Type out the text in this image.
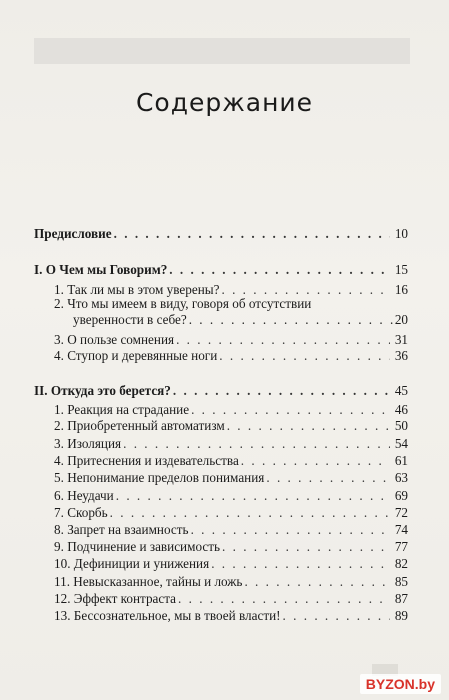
Содержание
Предисловие . . .	10
I. О Чем мы Говорим? . . .	15
1. Так ли мы в этом уверены? . . .	16
2. Что мы имеем в виду, говоря об отсутствии
уверенности в себе? . . .	20
3. О пользе сомнения . . .	31
4. Ступор и деревянные ноги . . .	36
II. Откуда это берется? . . .	45
1. Реакция на страдание . . .	46
2. Приобретенный автоматизм . . .	50
3. Изоляция . . .	54
4. Притеснения и издевательства . . .	61
5. Непонимание пределов понимания . . .	63
6. Неудачи . . .	69
7. Скорбь . . .	72
8. Запрет на взаимность . . .	74
9. Подчинение и зависимость . . .	77
10. Дефиниции и унижения . . .	82
11. Невысказанное, тайны и ложь . . .	85
12. Эффект контраста . . .	87
13. Бессознательное, мы в твоей власти! . . .	89
BYZON.by
